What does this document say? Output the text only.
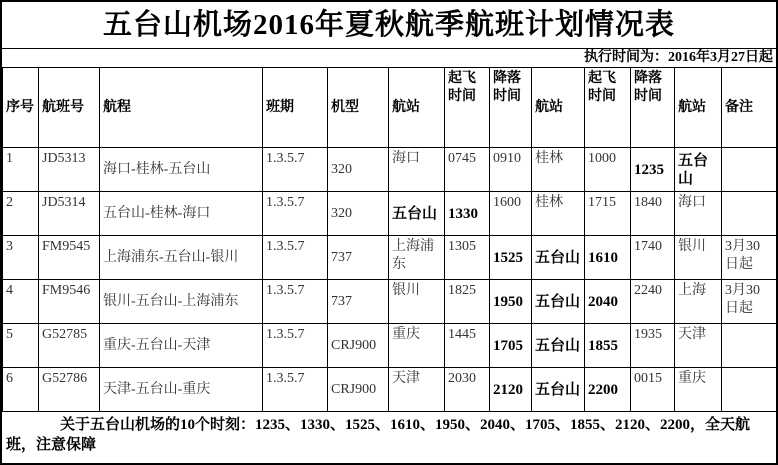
五台山机场2016年夏秋航季航班计划情况表
执行时间为：2016年3月27日起
序号	航班号	航程	班期	机型	航站	起飞时间	降落时间	航站	起飞时间	降落时间	航站	备注
1	JD5313	海口-桂林-五台山	1.3.5.7	320	海口	0745	0910	桂林	1000	1235	五台山	
2	JD5314	五台山-桂林-海口	1.3.5.7	320	五台山	1330	1600	桂林	1715	1840	海口	
3	FM9545	上海浦东-五台山-银川	1.3.5.7	737	上海浦东	1305	1525	五台山	1610	1740	银川	3月30日起
4	FM9546	银川-五台山-上海浦东	1.3.5.7	737	银川	1825	1950	五台山	2040	2240	上海	3月30日起
5	G52785	重庆-五台山-天津	1.3.5.7	CRJ900	重庆	1445	1705	五台山	1855	1935	天津	
6	G52786	天津-五台山-重庆	1.3.5.7	CRJ900	天津	2030	2120	五台山	2200	0015	重庆	
关于五台山机场的10个时刻：1235、1330、1525、1610、1950、2040、1705、1855、2120、2200，全天航班，注意保障
